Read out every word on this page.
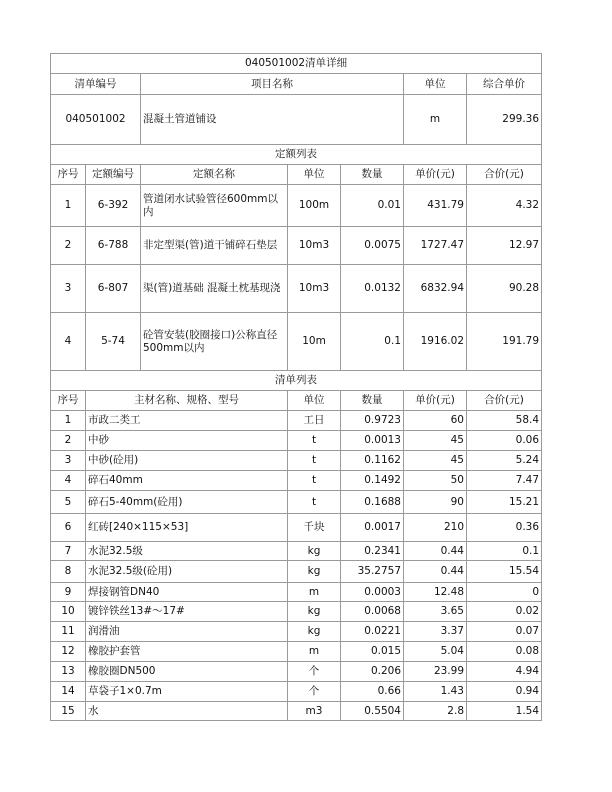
040501002清单详细						
清单编号		项目名称			单位	综合单价
040501002		混凝土管道铺设			m	299.36
定额列表						
序号	定额编号	定额名称	单位	数量	单价(元)	合价(元)
1	6-392	管道闭水试验管径600mm以内	100m	0.01	431.79	4.32
2	6-788	非定型渠(管)道干铺碎石垫层	10m3	0.0075	1727.47	12.97
3	6-807	渠(管)道基础 混凝土枕基现浇	10m3	0.0132	6832.94	90.28
4	5-74	砼管安装(胶圈接口)公称直径500mm以内	10m	0.1	1916.02	191.79
清单列表						
序号	主材名称、规格、型号		单位	数量	单价(元)	合价(元)
1	市政二类工		工日	0.9723	60	58.4
2	中砂		t	0.0013	45	0.06
3	中砂(砼用)		t	0.1162	45	5.24
4	碎石40mm		t	0.1492	50	7.47
5	碎石5-40mm(砼用)		t	0.1688	90	15.21
6	红砖[240×115×53]		千块	0.0017	210	0.36
7	水泥32.5级		kg	0.2341	0.44	0.1
8	水泥32.5级(砼用)		kg	35.2757	0.44	15.54
9	焊接钢管DN40		m	0.0003	12.48	0
10	镀锌铁丝13#～17#		kg	0.0068	3.65	0.02
11	润滑油		kg	0.0221	3.37	0.07
12	橡胶护套管		m	0.015	5.04	0.08
13	橡胶圈DN500		个	0.206	23.99	4.94
14	草袋子1×0.7m		个	0.66	1.43	0.94
15	水		m3	0.5504	2.8	1.54
